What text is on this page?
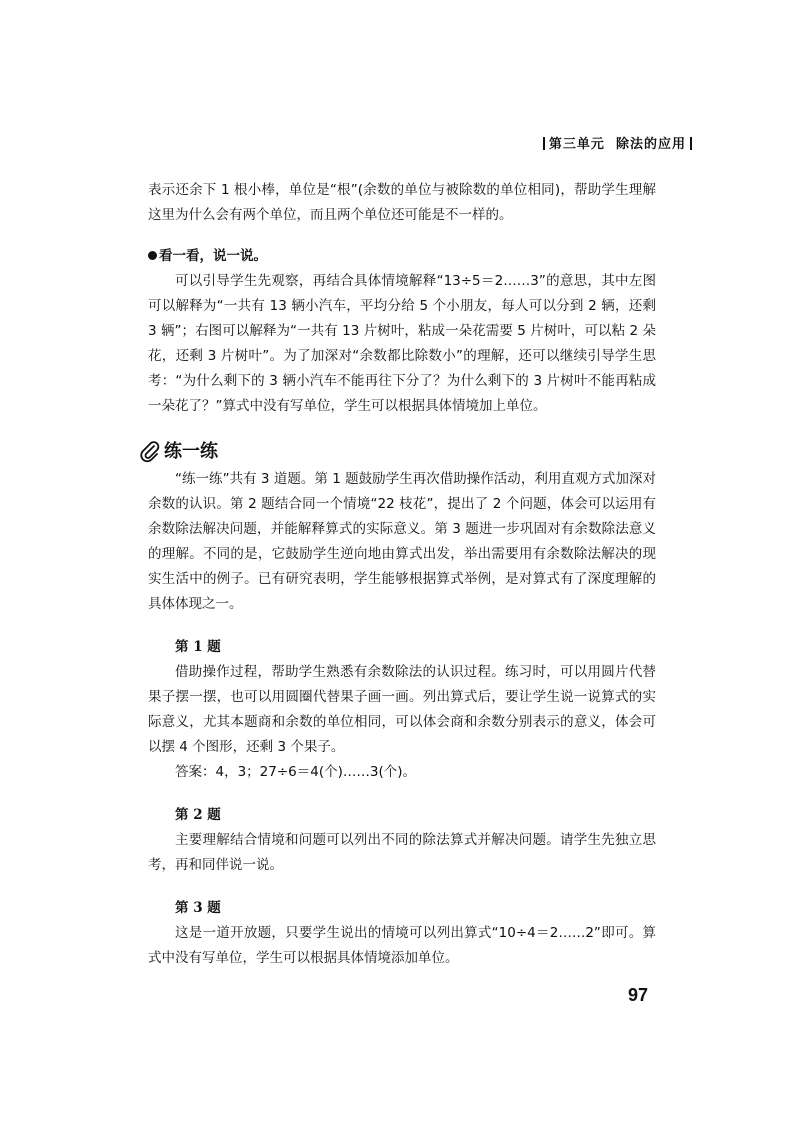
第三单元 除法的应用

表示还余下 1 根小棒，单位是“根”(余数的单位与被除数的单位相同)，帮助学生理解这里为什么会有两个单位，而且两个单位还可能是不一样的。

看一看，说一说。

可以引导学生先观察，再结合具体情境解释“13÷5＝2……3”的意思，其中左图可以解释为“一共有 13 辆小汽车，平均分给 5 个小朋友，每人可以分到 2 辆，还剩 3 辆”；右图可以解释为“一共有 13 片树叶，粘成一朵花需要 5 片树叶，可以粘 2 朵花，还剩 3 片树叶”。为了加深对“余数都比除数小”的理解，还可以继续引导学生思考：“为什么剩下的 3 辆小汽车不能再往下分了？为什么剩下的 3 片树叶不能再粘成一朵花了？”算式中没有写单位，学生可以根据具体情境加上单位。

练一练

“练一练”共有 3 道题。第 1 题鼓励学生再次借助操作活动，利用直观方式加深对余数的认识。第 2 题结合同一个情境“22 枝花”，提出了 2 个问题，体会可以运用有余数除法解决问题，并能解释算式的实际意义。第 3 题进一步巩固对有余数除法意义的理解。不同的是，它鼓励学生逆向地由算式出发，举出需要用有余数除法解决的现实生活中的例子。已有研究表明，学生能够根据算式举例，是对算式有了深度理解的具体体现之一。

第 1 题

借助操作过程，帮助学生熟悉有余数除法的认识过程。练习时，可以用圆片代替果子摆一摆，也可以用圆圈代替果子画一画。列出算式后，要让学生说一说算式的实际意义，尤其本题商和余数的单位相同，可以体会商和余数分别表示的意义，体会可以摆 4 个图形，还剩 3 个果子。

答案：4，3；27÷6＝4(个)……3(个)。

第 2 题

主要理解结合情境和问题可以列出不同的除法算式并解决问题。请学生先独立思考，再和同伴说一说。

第 3 题

这是一道开放题，只要学生说出的情境可以列出算式“10÷4＝2……2”即可。算式中没有写单位，学生可以根据具体情境添加单位。

97
